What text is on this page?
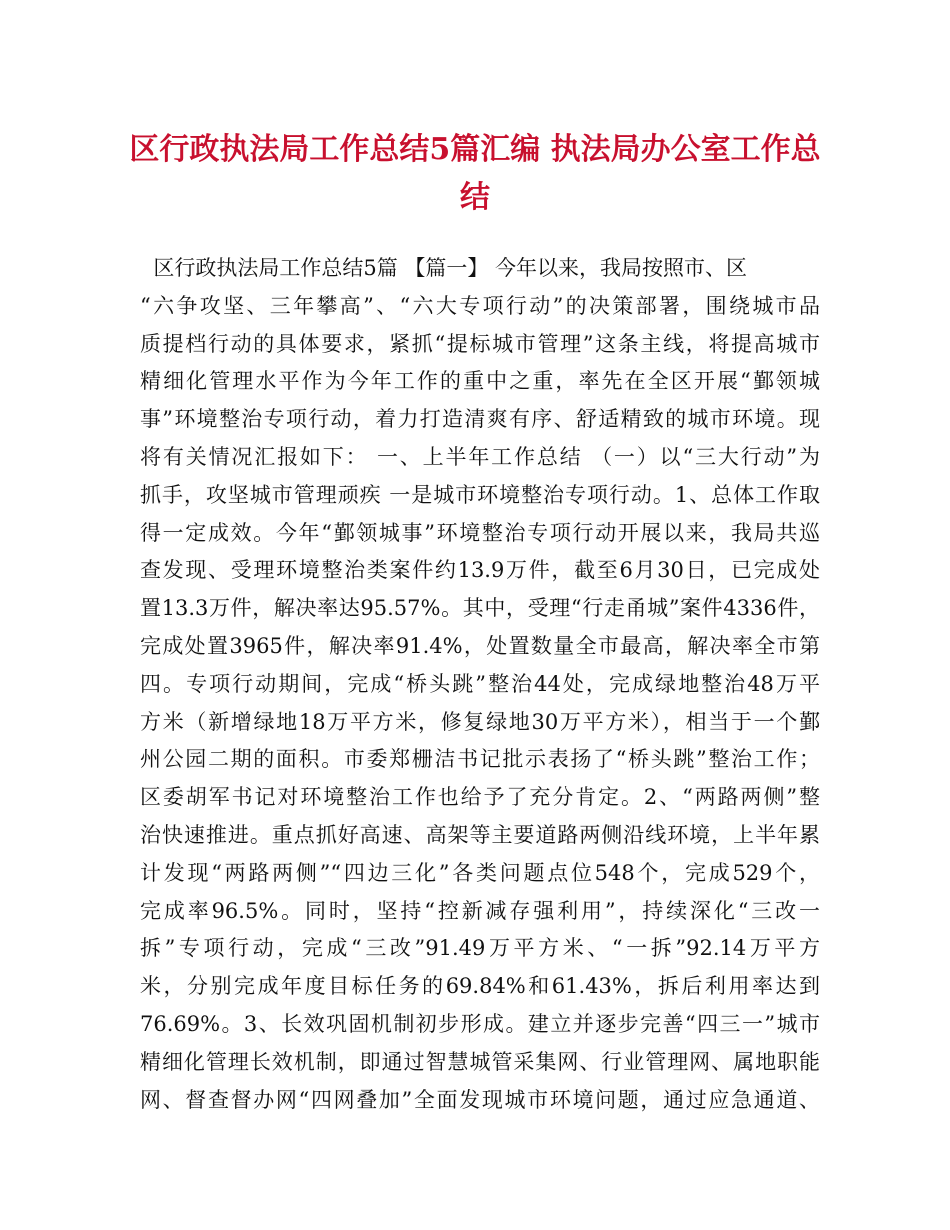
区行政执法局工作总结5篇汇编 执法局办公室工作总
结
区行政执法局工作总结5篇 【篇一】 今年以来，我局按照市、区
“六争攻坚、三年攀高”、“六大专项行动”的决策部署，围绕城市品
质提档行动的具体要求，紧抓“提标城市管理”这条主线，将提高城市
精细化管理水平作为今年工作的重中之重，率先在全区开展“鄞领城
事”环境整治专项行动，着力打造清爽有序、舒适精致的城市环境。现
将有关情况汇报如下： 一、上半年工作总结 （一）以“三大行动”为
抓手，攻坚城市管理顽疾 一是城市环境整治专项行动。1、总体工作取
得一定成效。今年“鄞领城事”环境整治专项行动开展以来，我局共巡
查发现、受理环境整治类案件约13.9万件，截至6月30日，已完成处
置13.3万件，解决率达95.57%。其中，受理“行走甬城”案件4336件，
完成处置3965件，解决率91.4%，处置数量全市最高，解决率全市第
四。专项行动期间，完成“桥头跳”整治44处，完成绿地整治48万平
方米（新增绿地18万平方米，修复绿地30万平方米），相当于一个鄞
州公园二期的面积。市委郑栅洁书记批示表扬了“桥头跳”整治工作；
区委胡军书记对环境整治工作也给予了充分肯定。2、“两路两侧”整
治快速推进。重点抓好高速、高架等主要道路两侧沿线环境，上半年累
计发现“两路两侧”“四边三化”各类问题点位548个，完成529个，
完成率96.5%。同时，坚持“控新减存强利用”，持续深化“三改一
拆”专项行动，完成“三改”91.49万平方米、“一拆”92.14万平方
米，分别完成年度目标任务的69.84%和61.43%，拆后利用率达到
76.69%。3、长效巩固机制初步形成。建立并逐步完善“四三一”城市
精细化管理长效机制，即通过智慧城管采集网、行业管理网、属地职能
网、督查督办网“四网叠加”全面发现城市环境问题，通过应急通道、
